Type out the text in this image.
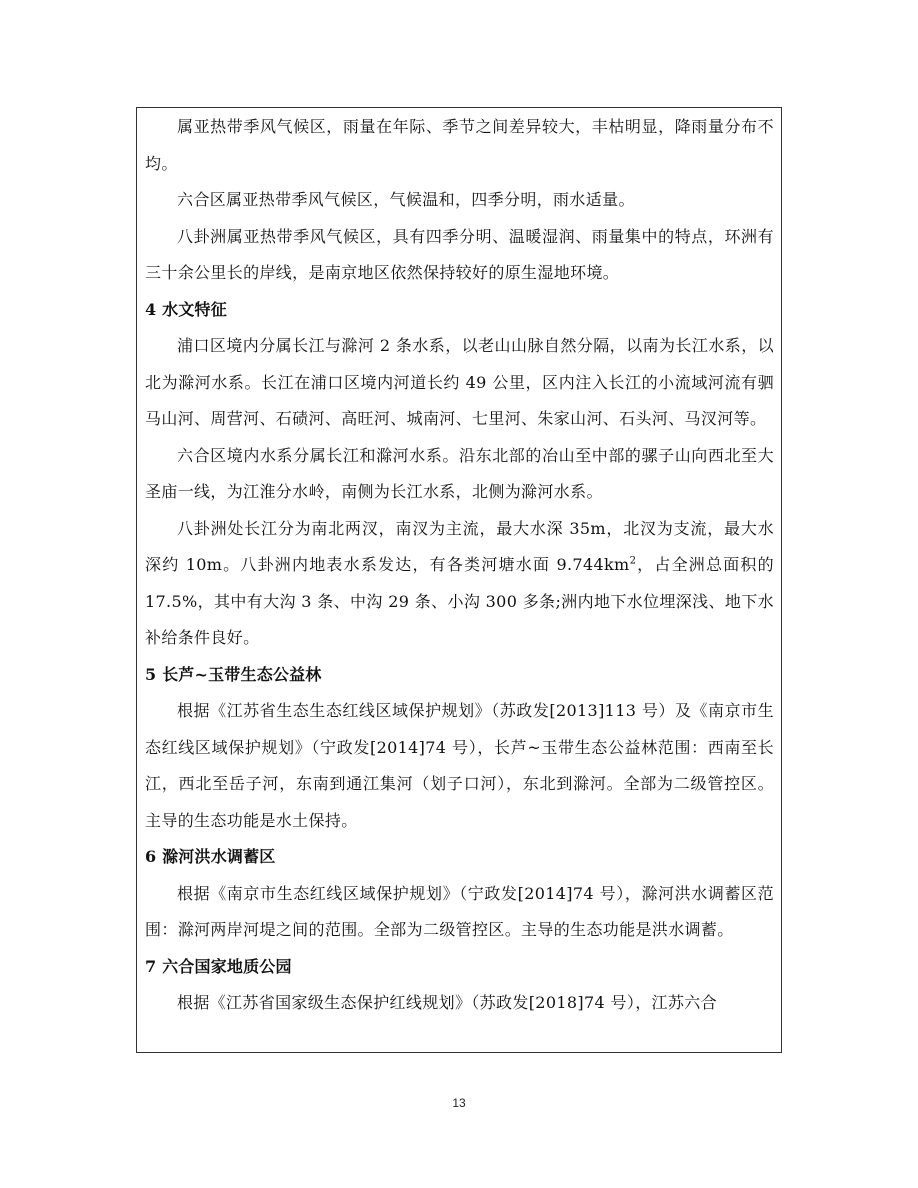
属亚热带季风气候区，雨量在年际、季节之间差异较大，丰枯明显，降雨量分布不均。

六合区属亚热带季风气候区，气候温和，四季分明，雨水适量。

八卦洲属亚热带季风气候区，具有四季分明、温暖湿润、雨量集中的特点，环洲有三十余公里长的岸线，是南京地区依然保持较好的原生湿地环境。

4 水文特征

浦口区境内分属长江与滁河 2 条水系，以老山山脉自然分隔，以南为长江水系，以北为滁河水系。长江在浦口区境内河道长约 49 公里，区内注入长江的小流域河流有驷马山河、周营河、石碛河、高旺河、城南河、七里河、朱家山河、石头河、马汊河等。

六合区境内水系分属长江和滁河水系。沿东北部的冶山至中部的骡子山向西北至大圣庙一线，为江淮分水岭，南侧为长江水系，北侧为滁河水系。

八卦洲处长江分为南北两汊，南汊为主流，最大水深 35m，北汊为支流，最大水深约 10m。八卦洲内地表水系发达，有各类河塘水面 $9.744km^2$，占全洲总面积的 17.5%，其中有大沟 3 条、中沟 29 条、小沟 300 多条;洲内地下水位埋深浅、地下水补给条件良好。

5 长芦~玉带生态公益林

根据《江苏省生态生态红线区域保护规划》（苏政发[2013]113 号）及《南京市生态红线区域保护规划》（宁政发[2014]74 号），长芦~玉带生态公益林范围：西南至长江，西北至岳子河，东南到通江集河（划子口河），东北到滁河。全部为二级管控区。主导的生态功能是水土保持。

6 滁河洪水调蓄区

根据《南京市生态红线区域保护规划》（宁政发[2014]74 号），滁河洪水调蓄区范围：滁河两岸河堤之间的范围。全部为二级管控区。主导的生态功能是洪水调蓄。

7 六合国家地质公园

根据《江苏省国家级生态保护红线规划》（苏政发[2018]74 号），江苏六合

13
